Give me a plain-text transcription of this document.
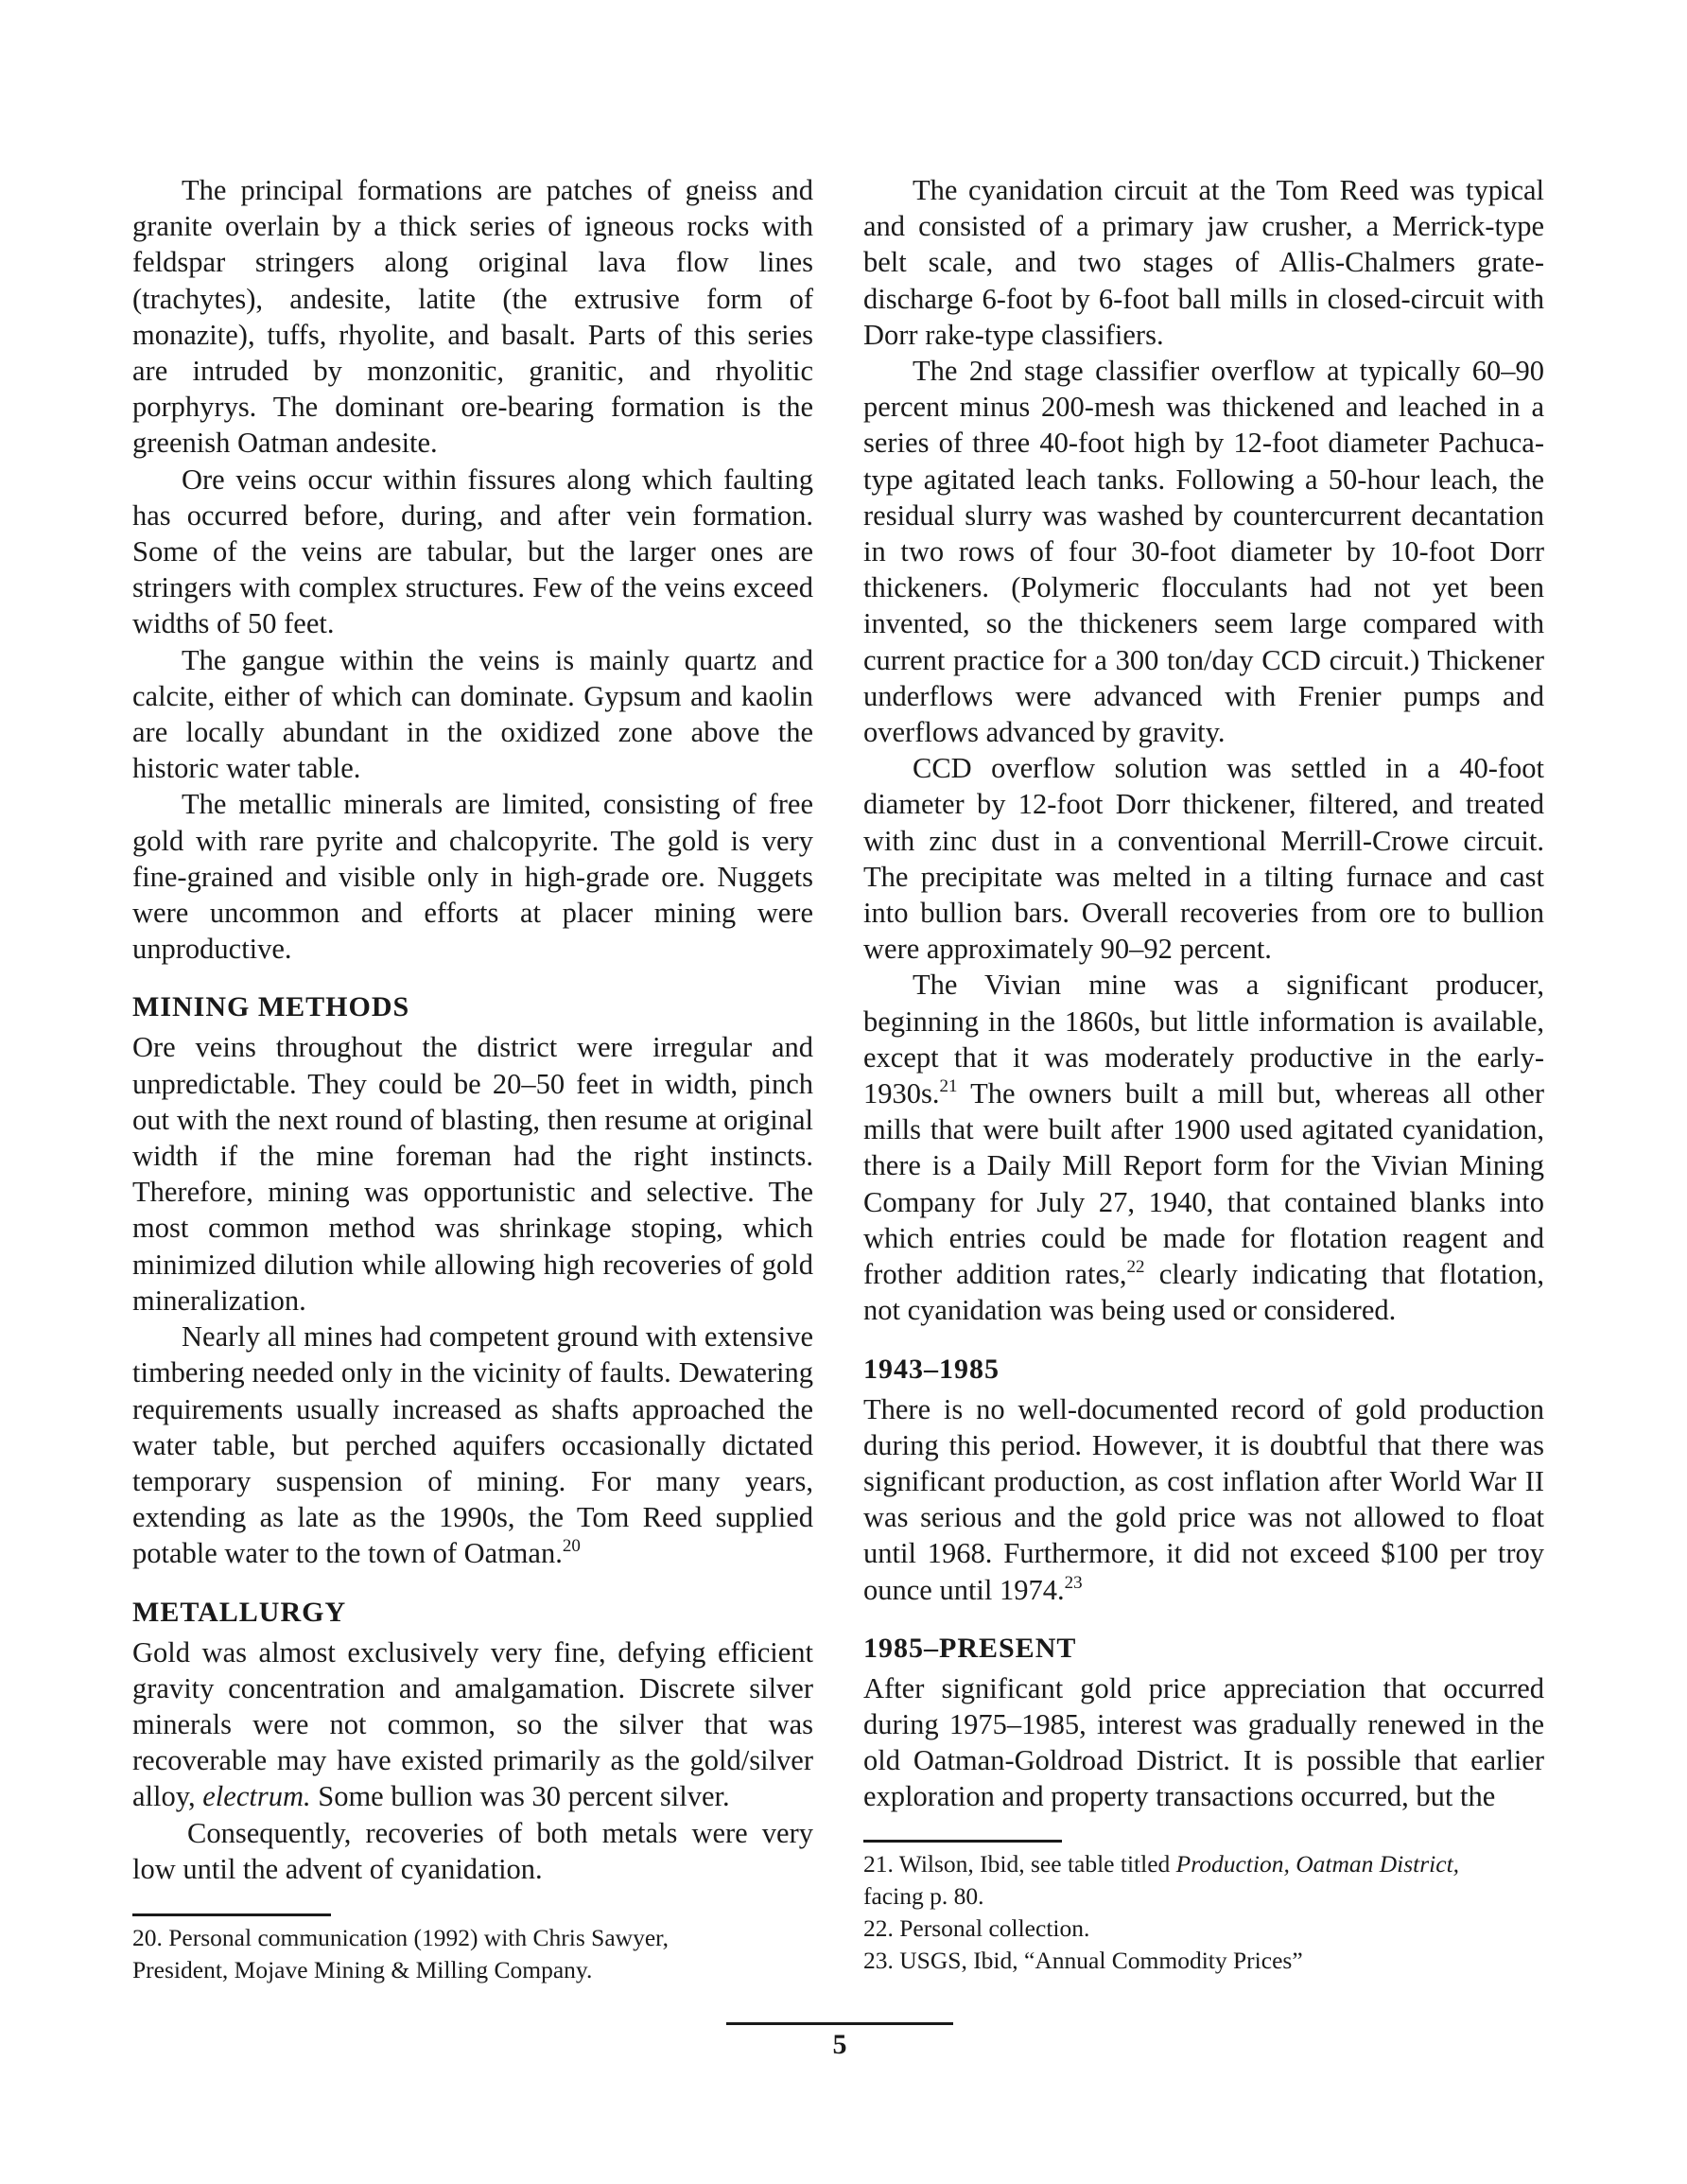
The principal formations are patches of gneiss and granite overlain by a thick series of igneous rocks with feldspar stringers along original lava flow lines (trachytes), andesite, latite (the extrusive form of monazite), tuffs, rhyolite, and basalt. Parts of this series are intruded by monzonitic, granitic, and rhyolitic porphyrys. The dominant ore-bearing formation is the greenish Oatman andesite.

Ore veins occur within fissures along which faulting has occurred before, during, and after vein formation. Some of the veins are tabular, but the larger ones are stringers with complex structures. Few of the veins exceed widths of 50 feet.

The gangue within the veins is mainly quartz and calcite, either of which can dominate. Gypsum and kaolin are locally abundant in the oxidized zone above the historic water table.

The metallic minerals are limited, consisting of free gold with rare pyrite and chalcopyrite. The gold is very fine-grained and visible only in high-grade ore. Nuggets were uncommon and efforts at placer mining were unproductive.

MINING METHODS

Ore veins throughout the district were irregular and unpredictable. They could be 20–50 feet in width, pinch out with the next round of blasting, then resume at original width if the mine foreman had the right instincts. Therefore, mining was opportunistic and selective. The most common method was shrinkage stoping, which minimized dilution while allowing high recoveries of gold mineralization.

Nearly all mines had competent ground with extensive timbering needed only in the vicinity of faults. Dewatering requirements usually increased as shafts approached the water table, but perched aquifers occasionally dictated temporary suspension of mining. For many years, extending as late as the 1990s, the Tom Reed supplied potable water to the town of Oatman.$^{20}$

METALLURGY

Gold was almost exclusively very fine, defying efficient gravity concentration and amalgamation. Discrete silver minerals were not common, so the silver that was recoverable may have existed primarily as the gold/silver alloy, electrum. Some bullion was 30 percent silver.

Consequently, recoveries of both metals were very low until the advent of cyanidation.

The cyanidation circuit at the Tom Reed was typical and consisted of a primary jaw crusher, a Merrick-type belt scale, and two stages of Allis-Chalmers grate-discharge 6-foot by 6-foot ball mills in closed-circuit with Dorr rake-type classifiers.

The 2nd stage classifier overflow at typically 60–90 percent minus 200-mesh was thickened and leached in a series of three 40-foot high by 12-foot diameter Pachuca-type agitated leach tanks. Following a 50-hour leach, the residual slurry was washed by countercurrent decantation in two rows of four 30-foot diameter by 10-foot Dorr thickeners. (Polymeric flocculants had not yet been invented, so the thickeners seem large compared with current practice for a 300 ton/day CCD circuit.) Thickener underflows were advanced with Frenier pumps and overflows advanced by gravity.

CCD overflow solution was settled in a 40-foot diameter by 12-foot Dorr thickener, filtered, and treated with zinc dust in a conventional Merrill-Crowe circuit. The precipitate was melted in a tilting furnace and cast into bullion bars. Overall recoveries from ore to bullion were approximately 90–92 percent.

The Vivian mine was a significant producer, beginning in the 1860s, but little information is available, except that it was moderately productive in the early-1930s.$^{21}$ The owners built a mill but, whereas all other mills that were built after 1900 used agitated cyanidation, there is a Daily Mill Report form for the Vivian Mining Company for July 27, 1940, that contained blanks into which entries could be made for flotation reagent and frother addition rates,$^{22}$ clearly indicating that flotation, not cyanidation was being used or considered.

1943–1985

There is no well-documented record of gold production during this period. However, it is doubtful that there was significant production, as cost inflation after World War II was serious and the gold price was not allowed to float until 1968. Furthermore, it did not exceed $100 per troy ounce until 1974.23

1985–PRESENT

After significant gold price appreciation that occurred during 1975–1985, interest was gradually renewed in the old Oatman-Goldroad District. It is possible that earlier exploration and property transactions occurred, but the

20. Personal communication (1992) with Chris Sawyer,
President, Mojave Mining & Milling Company.
21. Wilson, Ibid, see table titled Production, Oatman District,
facing p. 80.
22. Personal collection.
23. USGS, Ibid, “Annual Commodity Prices”
5
